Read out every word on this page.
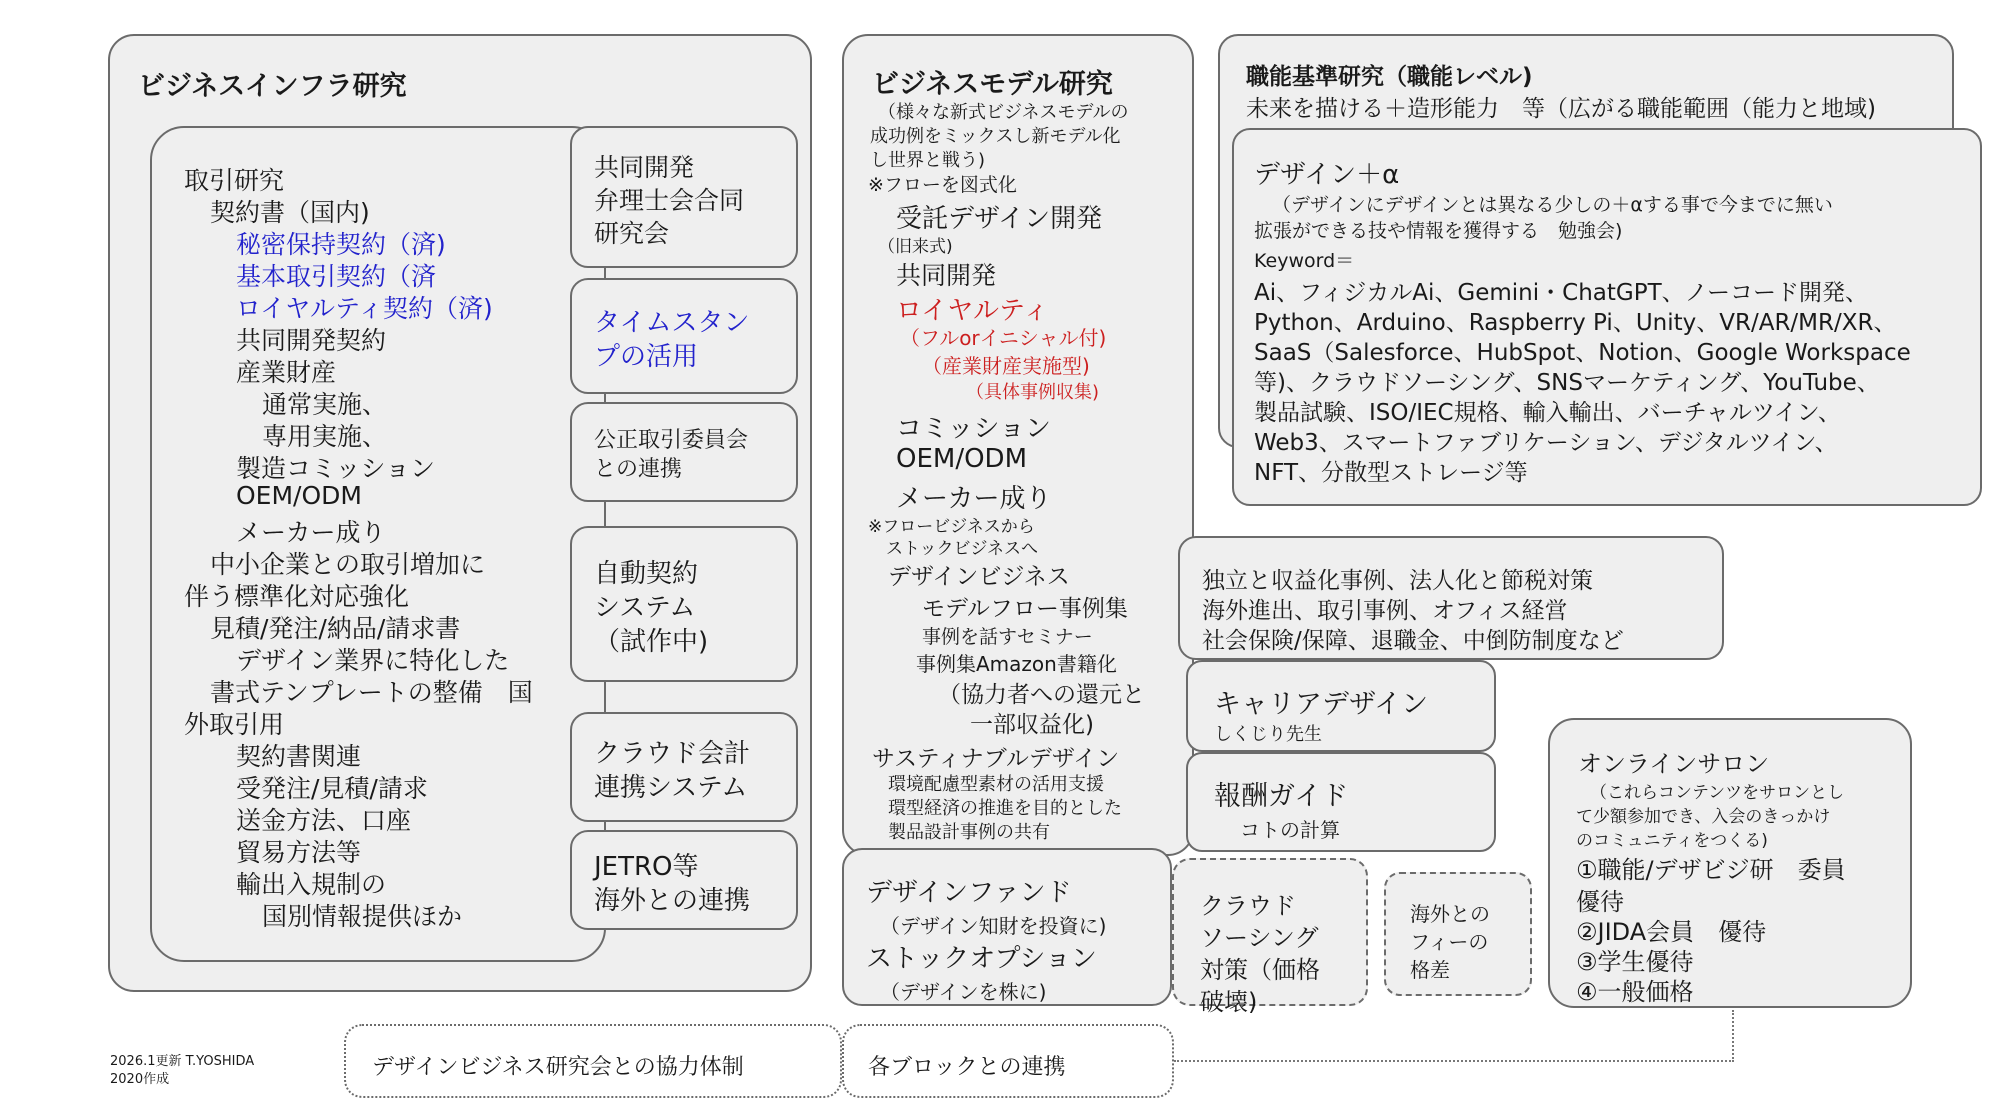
ビジネスインフラ研究
取引研究
契約書（国内)
秘密保持契約（済)
基本取引契約（済
ロイヤルティ契約（済)
共同開発契約
産業財産
通常実施、
専用実施、
製造コミッション
OEM/ODM
メーカー成り
中小企業との取引増加に
伴う標準化対応強化
見積/発注/納品/請求書
デザイン業界に特化した
書式テンプレートの整備　国
外取引用
契約書関連
受発注/見積/請求
送金方法、口座
貿易方法等
輸出入規制の
国別情報提供ほか
共同開発
弁理士会合同
研究会
タイムスタン
プの活用
公正取引委員会
との連携
自動契約
システム
（試作中)
クラウド会計
連携システム
JETRO等
海外との連携
ビジネスモデル研究
（様々な新式ビジネスモデルの
成功例をミックスし新モデル化
し世界と戦う)
※フローを図式化
受託デザイン開発
（旧来式)
共同開発
ロイヤルティ
（フルorイニシャル付)
（産業財産実施型)
（具体事例収集)
コミッション
OEM/ODM
メーカー成り
※フロービジネスから
ストックビジネスへ
デザインビジネス
モデルフロー事例集
事例を話すセミナー
事例集Amazon書籍化
（協力者への還元と
一部収益化)
サスティナブルデザイン
環境配慮型素材の活用支援
環型経済の推進を目的とした
製品設計事例の共有
デザインファンド
（デザイン知財を投資に)
ストックオプション
（デザインを株に)
職能基準研究（職能レベル)
未来を描ける＋造形能力　等（広がる職能範囲（能力と地域)
デザイン＋α
（デザインにデザインとは異なる少しの＋αする事で今までに無い
拡張ができる技や情報を獲得する　勉強会)
Keyword＝
Ai、フィジカルAi、Gemini・ChatGPT、ノーコード開発、
Python、Arduino、Raspberry Pi、Unity、VR/AR/MR/XR、
SaaS（Salesforce、HubSpot、Notion、Google Workspace
等)、クラウドソーシング、SNSマーケティング、YouTube、
製品試験、ISO/IEC規格、輸入輸出、バーチャルツイン、
Web3、スマートファブリケーション、デジタルツイン、
NFT、分散型ストレージ等
独立と収益化事例、法人化と節税対策
海外進出、取引事例、オフィス経営
社会保険/保障、退職金、中倒防制度など
キャリアデザイン
しくじり先生
報酬ガイド
コトの計算
クラウド
ソーシング
対策（価格
破壊)
海外との
フィーの
格差
オンラインサロン
（これらコンテンツをサロンとし
て少額参加でき、入会のきっかけ
のコミュニティをつくる)
①職能/デザビジ研　委員
優待
②JIDA会員　優待
③学生優待
④一般価格
2026.1更新 T.YOSHIDA
2020作成	デザインビジネス研究会との協力体制	各ブロックとの連携
